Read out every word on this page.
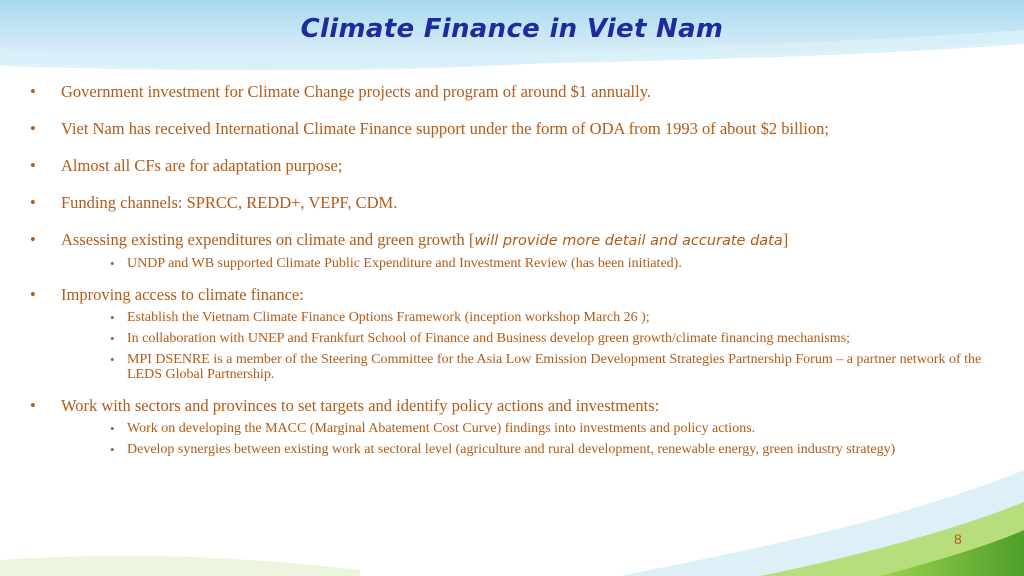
Climate Finance in Viet Nam
• Government investment for Climate Change projects and program of around $1 annually.
• Viet Nam has received International Climate Finance support under the form of ODA from 1993 of about $2 billion;
• Almost all CFs are for adaptation purpose;
• Funding channels: SPRCC, REDD+, VEPF, CDM.
• Assessing existing expenditures on climate and green growth [will provide more detail and accurate data]
• UNDP and WB supported Climate Public Expenditure and Investment Review (has been initiated).
• Improving access to climate finance:
• Establish the Vietnam Climate Finance Options Framework (inception workshop March 26 );
• In collaboration with UNEP and Frankfurt School of Finance and Business develop green growth/climate financing mechanisms;
• MPI DSENRE is a member of the Steering Committee for the Asia Low Emission Development Strategies Partnership Forum – a partner network of the LEDS Global Partnership.
• Work with sectors and provinces to set targets and identify policy actions and investments:
• Work on developing the MACC (Marginal Abatement Cost Curve) findings into investments and policy actions.
• Develop synergies between existing work at sectoral level (agriculture and rural development, renewable energy, green industry strategy)
8
